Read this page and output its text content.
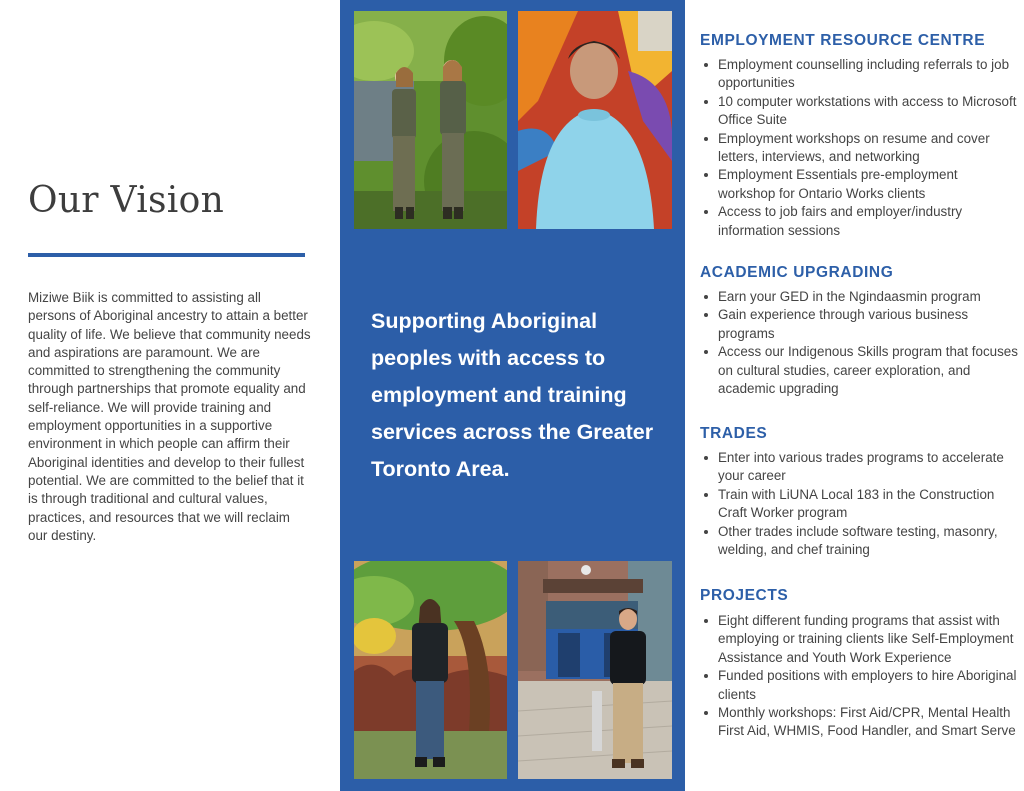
Our Vision

Miziwe Biik is committed to assisting all persons of Aboriginal ancestry to attain a better quality of life. We believe that community needs and aspirations are paramount. We are committed to strengthening the community through partnerships that promote equality and self-reliance. We will provide training and employment opportunities in a supportive environment in which people can affirm their Aboriginal identities and develop to their fullest potential. We are committed to the belief that it is through traditional and cultural values, practices, and resources that we will reclaim our destiny.

Supporting Aboriginal peoples with access to employment and training services across the Greater Toronto Area.
EMPLOYMENT RESOURCE CENTRE
Employment counselling including referrals to job opportunities
10 computer workstations with access to Microsoft Office Suite
Employment workshops on resume and cover letters, interviews, and networking
Employment Essentials pre-employment workshop for Ontario Works clients
Access to job fairs and employer/industry information sessions
ACADEMIC UPGRADING
Earn your GED in the Ngindaasmin program
Gain experience through various business programs
Access our Indigenous Skills program that focuses on cultural studies, career exploration, and academic upgrading
TRADES
Enter into various trades programs to accelerate your career
Train with LiUNA Local 183 in the Construction Craft Worker program
Other trades include software testing, masonry, welding, and chef training
PROJECTS
Eight different funding programs that assist with employing or training clients like Self-Employment Assistance and Youth Work Experience
Funded positions with employers to hire Aboriginal clients
Monthly workshops: First Aid/CPR, Mental Health First Aid, WHMIS, Food Handler, and Smart Serve
